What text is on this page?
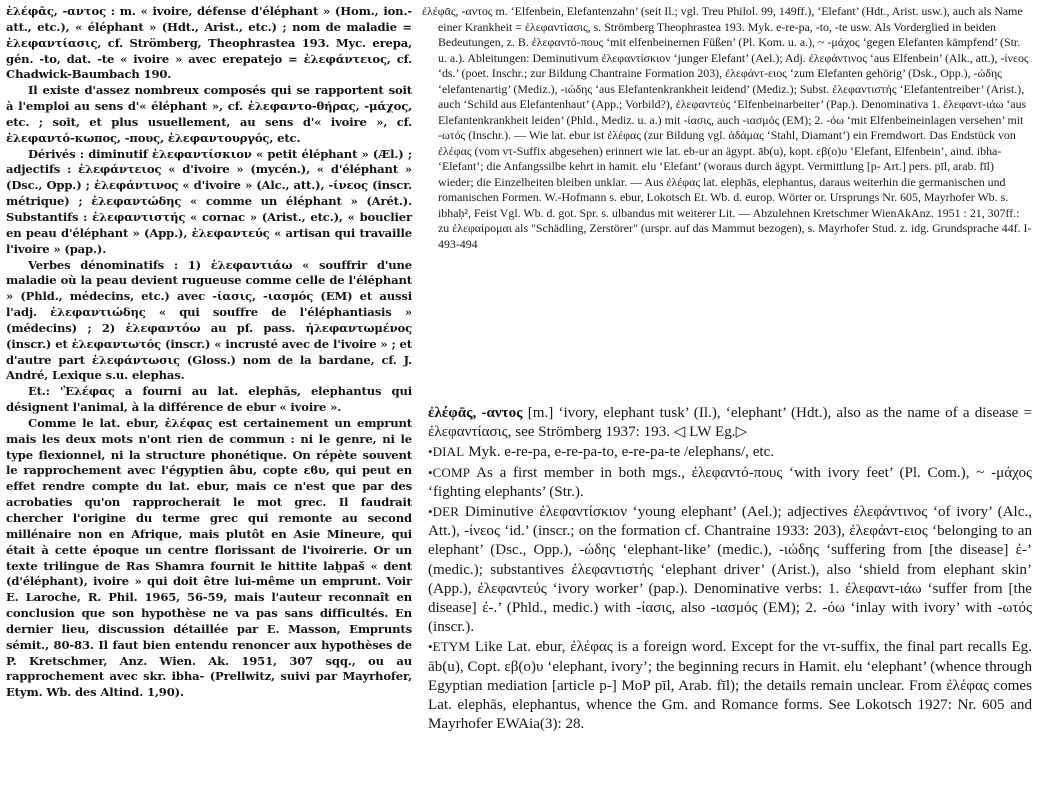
ἐλέφᾱς, -αντος : m. « ivoire, défense d'éléphant » (Hom., ion.-att., etc.), « éléphant » (Hdt., Arist., etc.) ; nom de maladie = ἐλεφαντίασις, cf. Strömberg, Theophrastea 193. Myc. erepa, gén. -to, dat. -te « ivoire » avec erepatejo = ἐλεφάντειος, cf. Chadwick-Baumbach 190.

Il existe d'assez nombreux composés qui se rapportent soit à l'emploi au sens d'« éléphant », cf. ἐλεφαντο-θήρας, -μάχος, etc. ; soit, et plus usuellement, au sens d'« ivoire », cf. ἐλεφαντό-κωπος, -πους, ἐλεφαντουργός, etc.

Dérivés : diminutif ἐλεφαντίσκιον « petit éléphant » (Æl.) ; adjectifs : ἐλεφάντειος « d'ivoire » (mycén.), « d'éléphant » (Dsc., Opp.) ; ἐλεφάντινος « d'ivoire » (Alc., att.), -ίνεος (inscr. métrique) ; ἐλεφαντώδης « comme un éléphant » (Arét.). Substantifs : ἐλεφαντιστής « cornac » (Arist., etc.), « bouclier en peau d'éléphant » (App.), ἐλεφαντεύς « artisan qui travaille l'ivoire » (pap.).

Verbes dénominatifs : 1) ἐλεφαντιάω « souffrir d'une maladie où la peau devient rugueuse comme celle de l'éléphant » (Phld., médecins, etc.) avec -ίασις, -ιασμός (EM) et aussi l'adj. ἐλεφαντιώδης « qui souffre de l'éléphantiasis » (médecins) ; 2) ἐλεφαντόω au pf. pass. ἠλεφαντωμένος (inscr.) et ἐλεφαντωτός (inscr.) « incrusté avec de l'ivoire » ; et d'autre part ἐλεφάντωσις (Gloss.) nom de la bardane, cf. J. André, Lexique s.u. elephas.

Et.: 'Ἐλέφας a fourni au lat. elephās, elephantus qui désignent l'animal, à la différence de ebur « ivoire ».

Comme le lat. ebur, ἐλέφας est certainement un emprunt mais les deux mots n'ont rien de commun : ni le genre, ni le type flexionnel, ni la structure phonétique. On répète souvent le rapprochement avec l'égyptien âbu, copte εϐυ, qui peut en effet rendre compte du lat. ebur, mais ce n'est que par des acrobaties qu'on rapprocherait le mot grec. Il faudrait chercher l'origine du terme grec qui remonte au second millénaire non en Afrique, mais plutôt en Asie Mineure, qui était à cette époque un centre florissant de l'ivoirerie. Or un texte trilingue de Ras Shamra fournit le hittite laḫpaš « dent (d'éléphant), ivoire » qui doit être lui-même un emprunt. Voir E. Laroche, R. Phil. 1965, 56-59, mais l'auteur reconnaît en conclusion que son hypothèse ne va pas sans difficultés. En dernier lieu, discussion détaillée par E. Masson, Emprunts sémit., 80-83. Il faut bien entendu renoncer aux hypothèses de P. Kretschmer, Anz. Wien. Ak. 1951, 307 sqq., ou au rapprochement avec skr. ibha- (Prellwitz, suivi par Mayrhofer, Etym. Wb. des Altind. 1,90).

ἐλέφᾱς, -αντος m. ‘Elfenbein, Elefantenzahn’ (seit Il.; vgl. Treu Philol. 99, 149ff.), ‘Elefant’ (Hdt., Arist. usw.), auch als Name einer Krankheit = ἐλεφαντίασις, s. Strömberg Theophrastea 193. Myk. e-re-pa, -to, -te usw. Als Vorderglied in beiden Bedeutungen, z. B. ἐλεφαντό-πους ‘mit elfenbeinernen Füßen’ (Pl. Kom. u. a.), ~ -μάχος ‘gegen Elefanten kämpfend’ (Str. u. a.). Ableitungen: Deminutivum ἐλεφαντίσκιον ‘junger Elefant’ (Ael.); Adj. ἐλεφάντινος ‘aus Elfenbein’ (Alk., att.), -ίνεος ‘ds.’ (poet. Inschr.; zur Bildung Chantraine Formation 203), ἐλεφάντ-ειος ‘zum Elefanten gehörig’ (Dsk., Opp.), -ώδης ‘elefantenartig’ (Mediz.), -ιώδης ‘aus Elefantenkrankheit leidend’ (Mediz.); Subst. ἐλεφαντιστής ‘Elefantentreiber’ (Arist.), auch ‘Schild aus Elefantenhaut’ (App.; Vorbild?), ἐλεφαντεύς ‘Elfenbeinarbeiter’ (Pap.). Denominativa 1. ἐλεφαντ-ιάω ‘aus Elefantenkrankheit leiden’ (Phld., Mediz. u. a.) mit -ίασις, auch -ιασμός (EM); 2. -όω ‘mit Elfenbeineinlagen versehen’ mit -ωτός (Inschr.). — Wie lat. ebur ist ἐλέφας (zur Bildung vgl. ἀδάμας ‘Stahl, Diamant’) ein Fremdwort. Das Endstück von ἐλέφας (vom ντ-Suffix abgesehen) erinnert wie lat. eb-ur an ägypt. āb(u), kopt. εβ(ο)υ ‘Elefant, Elfenbein’, aind. ibha- ‘Elefant’; die Anfangssilbe kehrt in hamit. elu ‘Elefant’ (woraus durch ägypt. Vermittlung [p- Art.] pers. pīl, arab. fīl) wieder; die Einzelheiten bleiben unklar. — Aus ἐλέφας lat. elephās, elephantus, daraus weiterhin die germanischen und romanischen Formen. W.-Hofmann s. ebur, Lokotsch Et. Wb. d. europ. Wörter or. Ursprungs Nr. 605, Mayrhofer Wb. s. ibhaḥ², Feist Vgl. Wb. d. got. Spr. s. ulbandus mit weiterer Lit. — Abzulehnen Kretschmer WienAkAnz. 1951 : 21, 307ff.: zu ἐλεφαίρομαι als "Schädling, Zerstörer" (urspr. auf das Mammut bezogen), s. Mayrhofer Stud. z. idg. Grundsprache 44f. I-493-494

ἐλέφᾱς, -αντος [m.] ‘ivory, elephant tusk’ (Il.), ‘elephant’ (Hdt.), also as the name of a disease = ἐλεφαντίασις, see Strömberg 1937: 193. ◁ LW Eg.▷

•DIAL Myk. e-re-pa, e-re-pa-to, e-re-pa-te /elephans/, etc.

•COMP As a first member in both mgs., ἐλεφαντό-πους ‘with ivory feet’ (Pl. Com.), ~ -μάχος ‘fighting elephants’ (Str.).

•DER Diminutive ἐλεφαντίσκιον ‘young elephant’ (Ael.); adjectives ἐλεφάντινος ‘of ivory’ (Alc., Att.), -ίνεος ‘id.’ (inscr.; on the formation cf. Chantraine 1933: 203), ἐλεφάντ-ειος ‘belonging to an elephant’ (Dsc., Opp.), -ώδης ‘elephant-like’ (medic.), -ιώδης ‘suffering from [the disease] ἐ-’ (medic.); substantives ἐλεφαντιστής ‘elephant driver’ (Arist.), also ‘shield from elephant skin’ (App.), ἐλεφαντεύς ‘ivory worker’ (pap.). Denominative verbs: 1. ἐλεφαντ-ιάω ‘suffer from [the disease] ἐ-.’ (Phld., medic.) with -ίασις, also -ιασμός (EM); 2. -όω ‘inlay with ivory’ with -ωτός (inscr.).

•ETYM Like Lat. ebur, ἐλέφας is a foreign word. Except for the ντ-suffix, the final part recalls Eg. āb(u), Copt. εβ(ο)υ ‘elephant, ivory’; the beginning recurs in Hamit. elu ‘elephant’ (whence through Egyptian mediation [article p-] MoP pīl, Arab. fīl); the details remain unclear. From ἐλέφας comes Lat. elephās, elephantus, whence the Gm. and Romance forms. See Lokotsch 1927: Nr. 605 and Mayrhofer EWAia(3): 28.
